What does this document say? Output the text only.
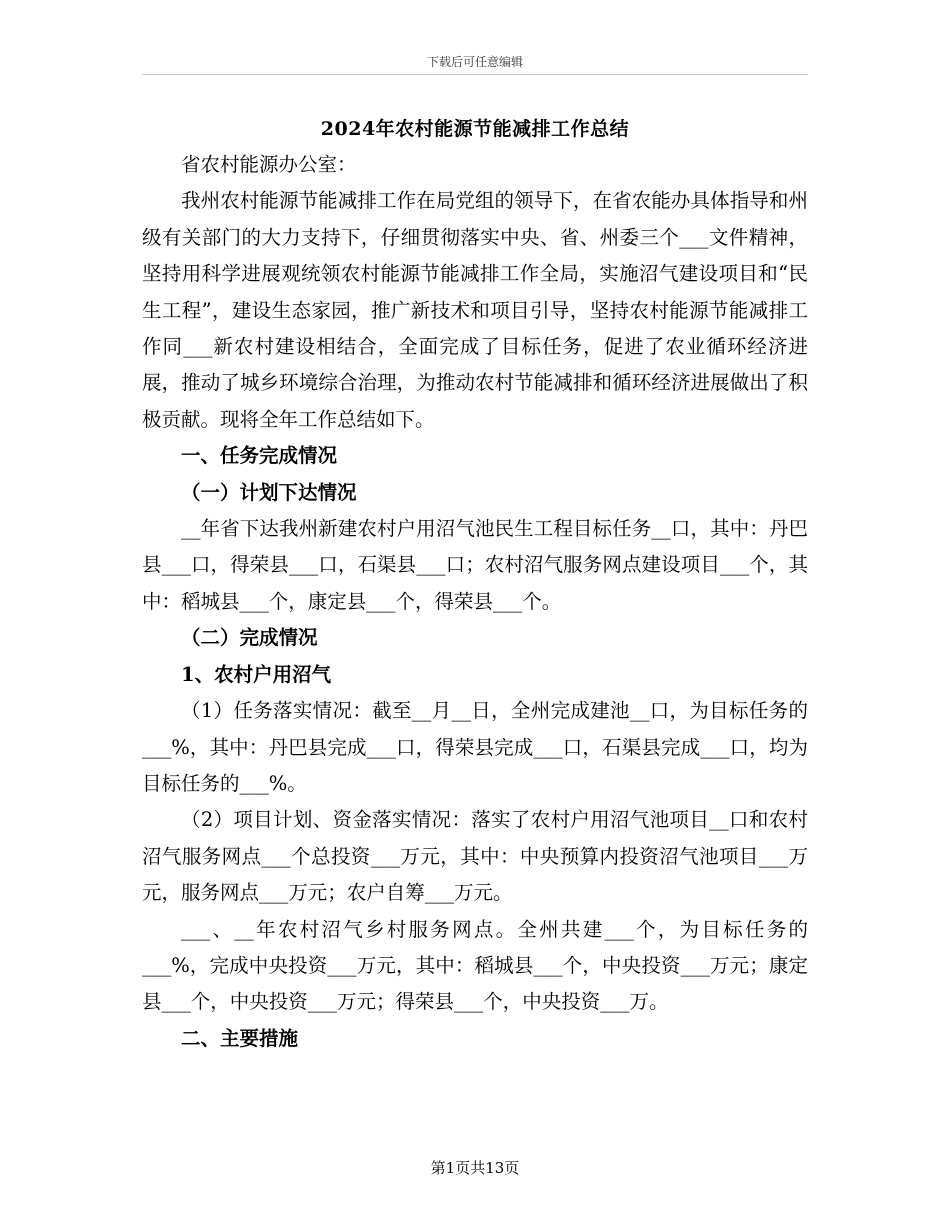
下载后可任意编辑
2024年农村能源节能减排工作总结

省农村能源办公室：

我州农村能源节能减排工作在局党组的领导下，在省农能办具体指导和州级有关部门的大力支持下，仔细贯彻落实中央、省、州委三个___文件精神，坚持用科学进展观统领农村能源节能减排工作全局，实施沼气建设项目和“民生工程”，建设生态家园，推广新技术和项目引导，坚持农村能源节能减排工作同___新农村建设相结合，全面完成了目标任务，促进了农业循环经济进展，推动了城乡环境综合治理，为推动农村节能减排和循环经济进展做出了积极贡献。现将全年工作总结如下。

一、任务完成情况

（一）计划下达情况

__年省下达我州新建农村户用沼气池民生工程目标任务__口，其中：丹巴县___口，得荣县___口，石渠县___口；农村沼气服务网点建设项目___个，其中：稻城县___个，康定县___个，得荣县___个。

（二）完成情况

1、农村户用沼气

（1）任务落实情况：截至__月__日，全州完成建池__口，为目标任务的___%，其中：丹巴县完成___口，得荣县完成___口，石渠县完成___口，均为目标任务的___%。

（2）项目计划、资金落实情况：落实了农村户用沼气池项目__口和农村沼气服务网点___个总投资___万元，其中：中央预算内投资沼气池项目___万元，服务网点___万元；农户自筹___万元。

___、__年农村沼气乡村服务网点。全州共建___个，为目标任务的___%，完成中央投资___万元，其中：稻城县___个，中央投资___万元；康定县___个，中央投资___万元；得荣县___个，中央投资___万。

二、主要措施

第1页共13页
